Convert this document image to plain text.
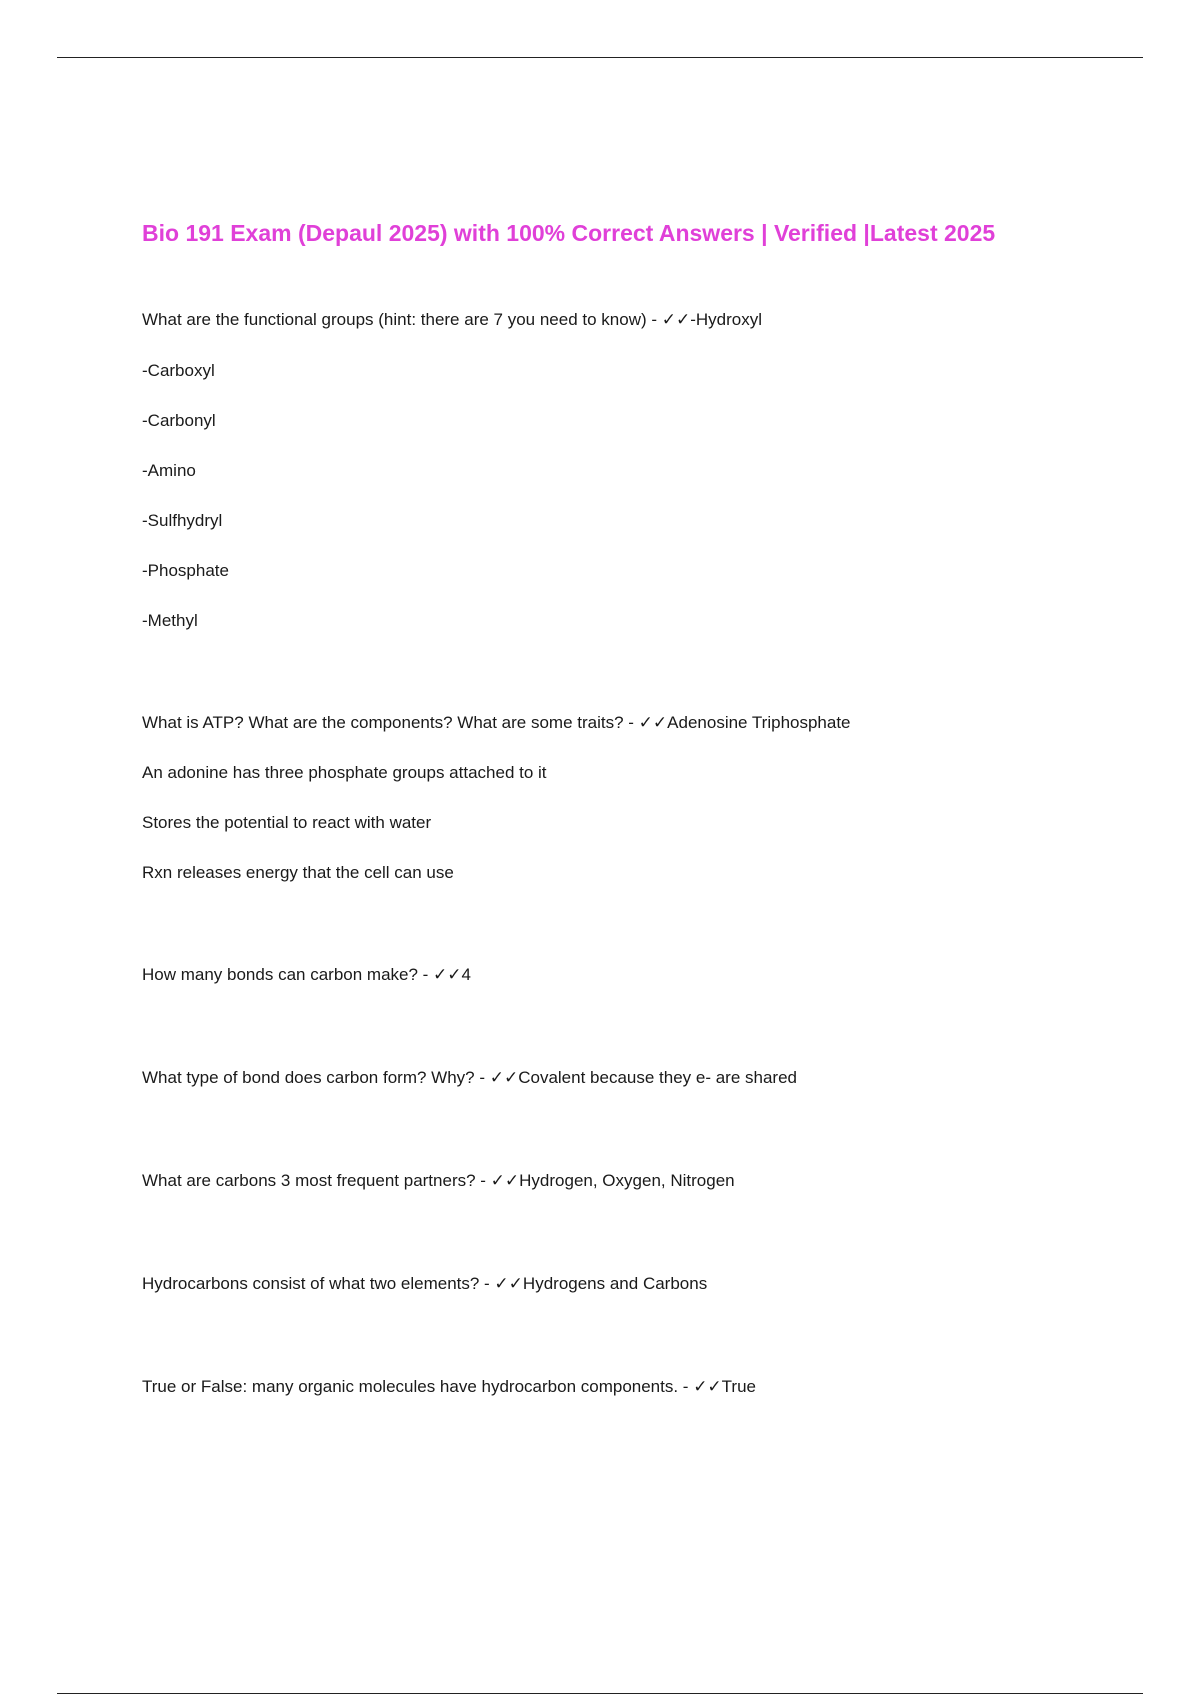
Bio 191 Exam (Depaul 2025) with 100% Correct Answers | Verified |Latest 2025

What are the functional groups (hint: there are 7 you need to know) - ✓✓-Hydroxyl

-Carboxyl

-Carbonyl

-Amino

-Sulfhydryl

-Phosphate

-Methyl

What is ATP? What are the components? What are some traits? - ✓✓Adenosine Triphosphate

An adonine has three phosphate groups attached to it

Stores the potential to react with water

Rxn releases energy that the cell can use

How many bonds can carbon make? - ✓✓4

What type of bond does carbon form? Why? - ✓✓Covalent because they e- are shared

What are carbons 3 most frequent partners? - ✓✓Hydrogen, Oxygen, Nitrogen

Hydrocarbons consist of what two elements? - ✓✓Hydrogens and Carbons

True or False: many organic molecules have hydrocarbon components. - ✓✓True
